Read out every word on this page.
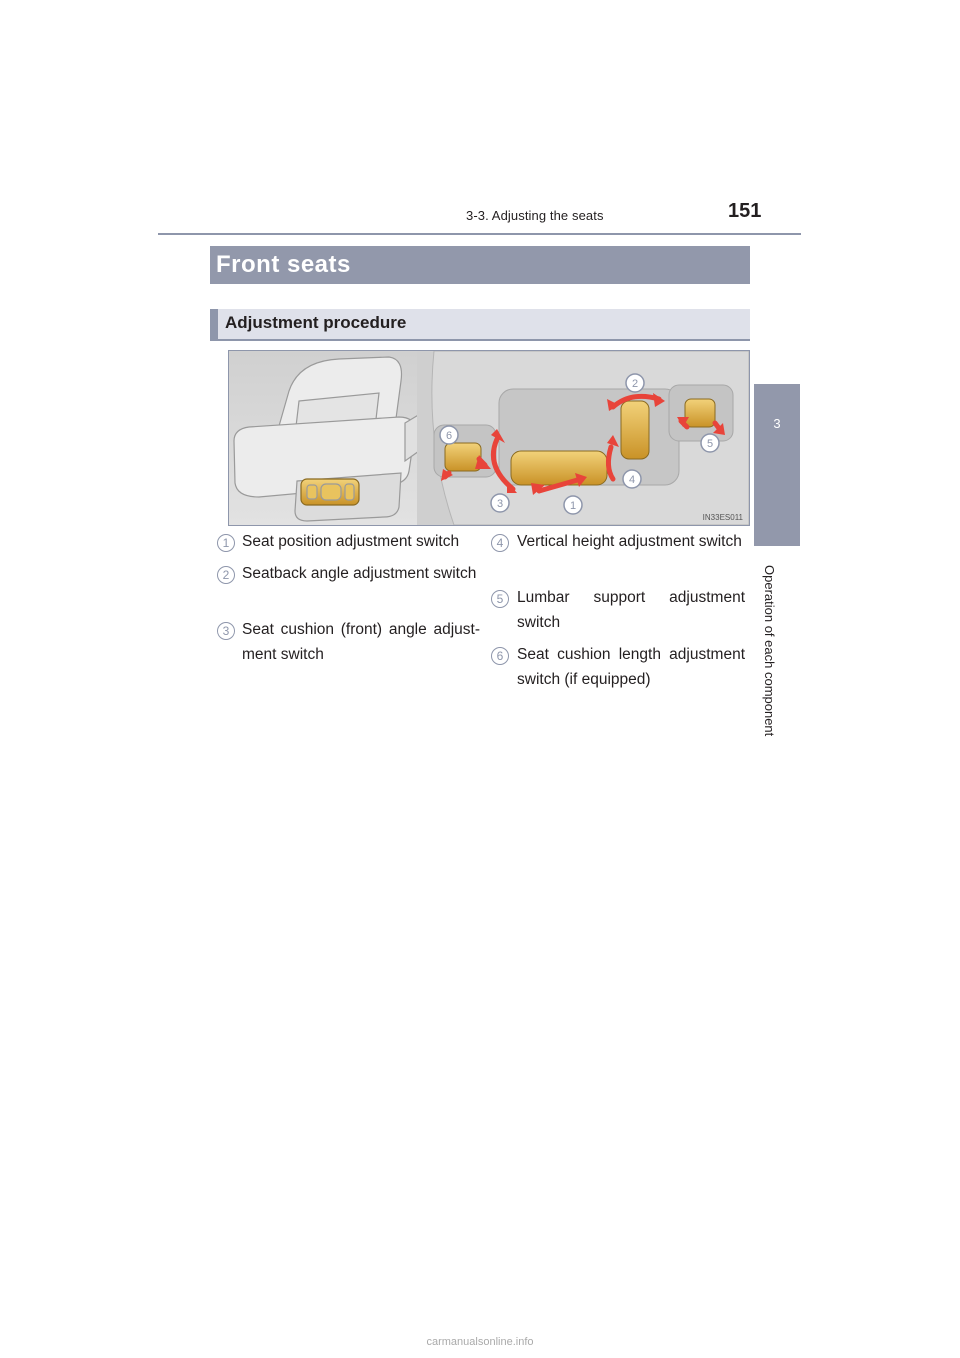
3-3. Adjusting the seats	151
3
Operation of each component
Front seats
Adjustment procedure
1
2
3
4
5
6
IN33ES011
1 Seat position adjustment switch
2 Seatback angle adjustment switch
3 Seat cushion (front) angle adjust-ment switch
4 Vertical height adjustment switch
5 Lumbar support adjustment switch
6 Seat cushion length adjustment switch (if equipped)
carmanualsonline.info
